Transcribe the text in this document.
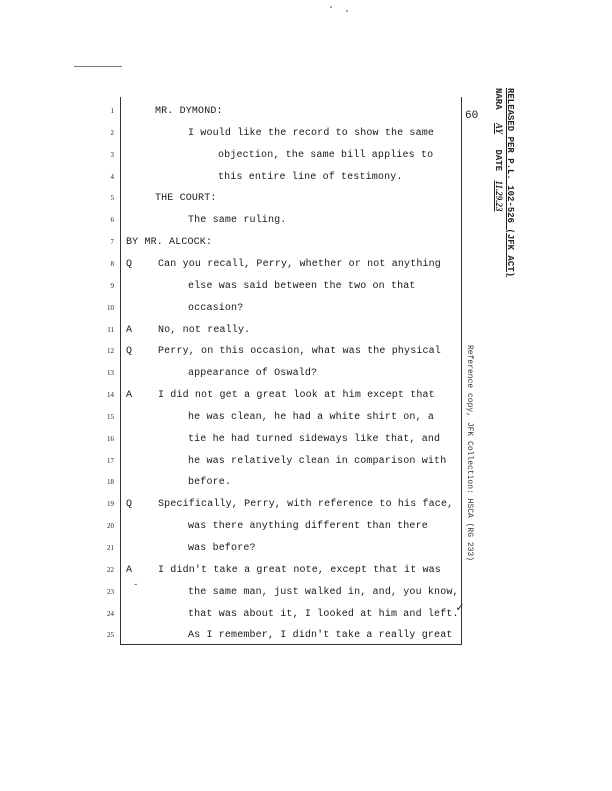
60
1	MR. DYMOND:
2	I would like the record to show the same
3	objection, the same bill applies to
4	this entire line of testimony.
5	THE COURT:
6	The same ruling.
7 BY MR. ALCOCK:
8 Q	Can you recall, Perry, whether or not anything
9	else was said between the two on that
10	occasion?
11 A	No, not really.
12 Q	Perry, on this occasion, what was the physical
13	appearance of Oswald?
14 A	I did not get a great look at him except that
15	he was clean, he had a white shirt on, a
16	tie he had turned sideways like that, and
17	he was relatively clean in comparison with
18	before.
19 Q	Specifically, Perry, with reference to his face,
20	was there anything different than there
21	was before?
22 A	I didn't take a great note, except that it was
23	the same man, just walked in, and, you know,
24	that was about it, I looked at him and left.
25	As I remember, I didn't take a really great
RELEASED PER P.L. 102-526 (JFK ACT)
NARA AY DATE 11.29.23
Reference copy, JFK Collection: HSCA (RG 233)
-
✓
